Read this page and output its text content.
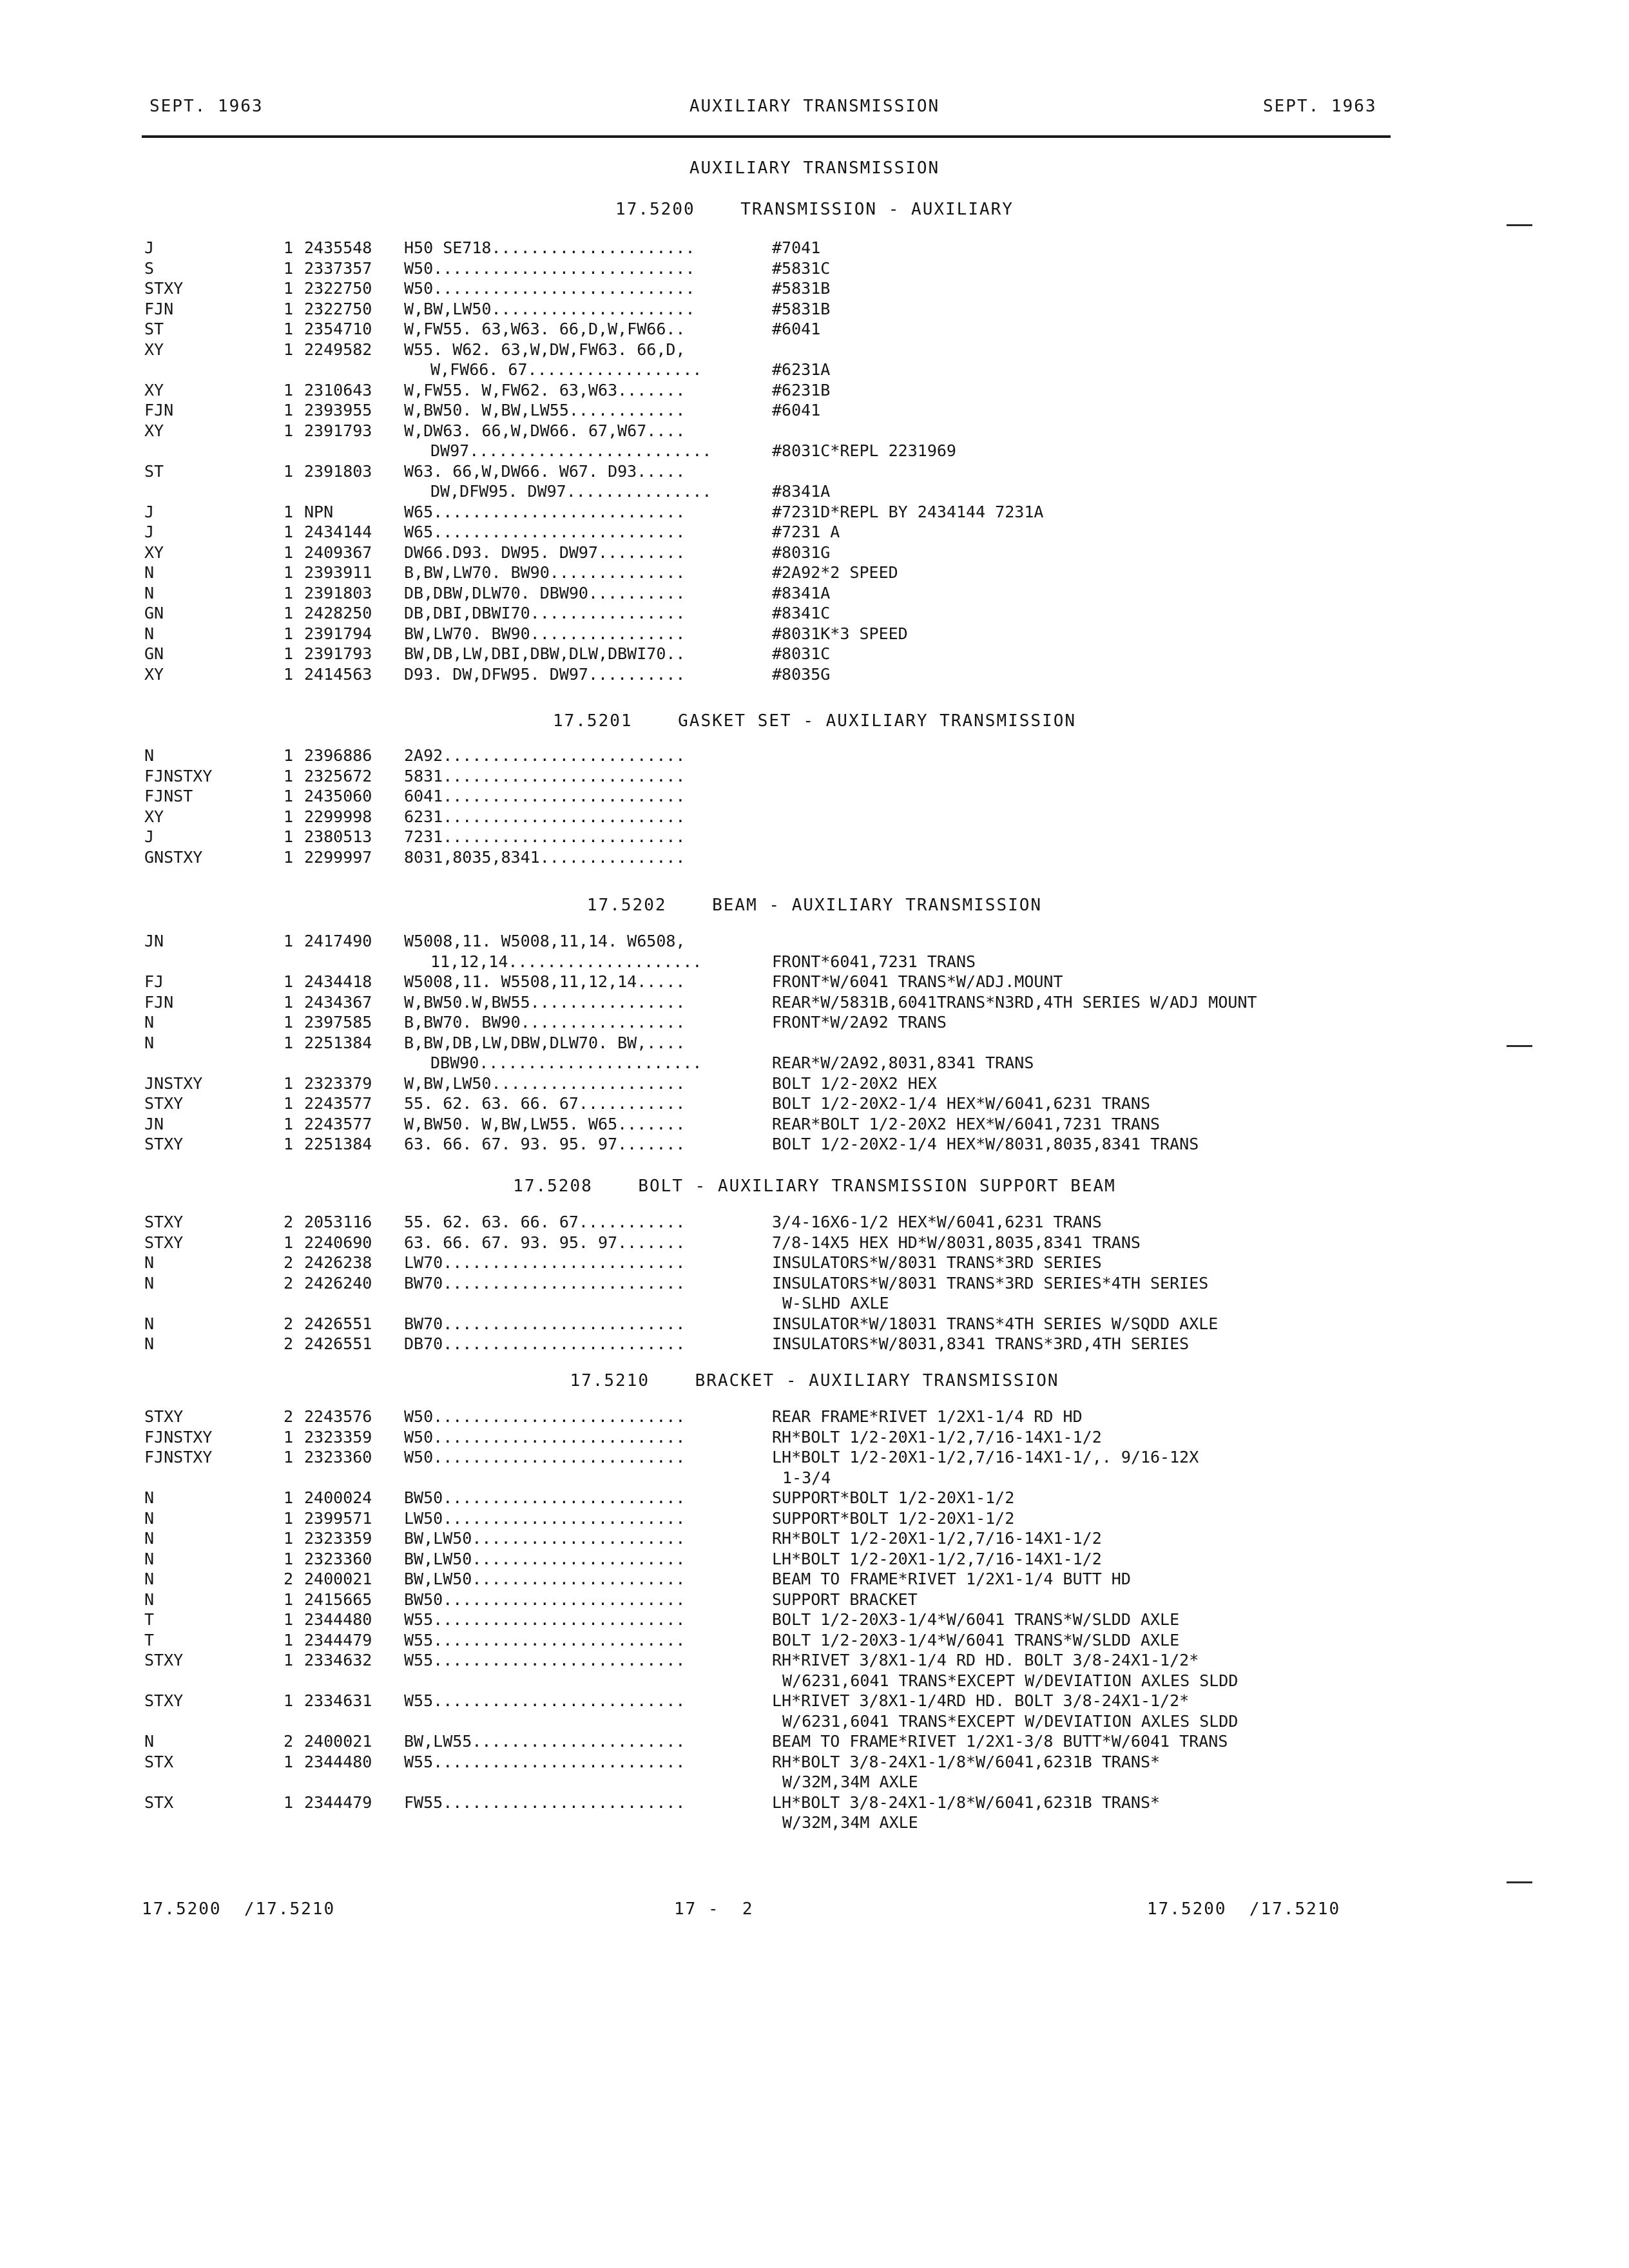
SEPT. 1963	AUXILIARY TRANSMISSION	SEPT. 1963
AUXILIARY TRANSMISSION
17.5200	TRANSMISSION - AUXILIARY
J	1 2435548	H50 SE718.....................	#7041
S	1 2337357	W50...........................	#5831C
STXY	1 2322750	W50...........................	#5831B
FJN	1 2322750	W,BW,LW50.....................	#5831B
ST	1 2354710	W,FW55. 63,W63. 66,D,W,FW66..	#6041
XY	1 2249582	W55. W62. 63,W,DW,FW63. 66,D,
W,FW66. 67..................	#6231A
XY	1 2310643	W,FW55. W,FW62. 63,W63.......	#6231B
FJN	1 2393955	W,BW50. W,BW,LW55............	#6041
XY	1 2391793	W,DW63. 66,W,DW66. 67,W67....
DW97.........................	#8031C*REPL 2231969
ST	1 2391803	W63. 66,W,DW66. W67. D93.....
DW,DFW95. DW97...............	#8341A
J	1 NPN	W65..........................	#7231D*REPL BY 2434144 7231A
J	1 2434144	W65..........................	#7231 A
XY	1 2409367	DW66.D93. DW95. DW97.........	#8031G
N	1 2393911	B,BW,LW70. BW90..............	#2A92*2 SPEED
N	1 2391803	DB,DBW,DLW70. DBW90..........	#8341A
GN	1 2428250	DB,DBI,DBWI70................	#8341C
N	1 2391794	BW,LW70. BW90................	#8031K*3 SPEED
GN	1 2391793	BW,DB,LW,DBI,DBW,DLW,DBWI70..	#8031C
XY	1 2414563	D93. DW,DFW95. DW97..........	#8035G
17.5201	GASKET SET - AUXILIARY TRANSMISSION
N	1 2396886	2A92.........................
FJNSTXY	1 2325672	5831.........................
FJNST	1 2435060	6041.........................
XY	1 2299998	6231.........................
J	1 2380513	7231.........................
GNSTXY	1 2299997	8031,8035,8341...............
17.5202	BEAM - AUXILIARY TRANSMISSION
JN	1 2417490	W5008,11. W5008,11,14. W6508,
11,12,14....................	FRONT*6041,7231 TRANS
FJ	1 2434418	W5008,11. W5508,11,12,14.....	FRONT*W/6041 TRANS*W/ADJ.MOUNT
FJN	1 2434367	W,BW50.W,BW55................	REAR*W/5831B,6041TRANS*N3RD,4TH SERIES W/ADJ MOUNT
N	1 2397585	B,BW70. BW90.................	FRONT*W/2A92 TRANS
N	1 2251384	B,BW,DB,LW,DBW,DLW70. BW,....
DBW90.......................	REAR*W/2A92,8031,8341 TRANS
JNSTXY	1 2323379	W,BW,LW50....................	BOLT 1/2-20X2 HEX
STXY	1 2243577	55. 62. 63. 66. 67...........	BOLT 1/2-20X2-1/4 HEX*W/6041,6231 TRANS
JN	1 2243577	W,BW50. W,BW,LW55. W65.......	REAR*BOLT 1/2-20X2 HEX*W/6041,7231 TRANS
STXY	1 2251384	63. 66. 67. 93. 95. 97.......	BOLT 1/2-20X2-1/4 HEX*W/8031,8035,8341 TRANS
17.5208	BOLT - AUXILIARY TRANSMISSION SUPPORT BEAM
STXY	2 2053116	55. 62. 63. 66. 67...........	3/4-16X6-1/2 HEX*W/6041,6231 TRANS
STXY	1 2240690	63. 66. 67. 93. 95. 97.......	7/8-14X5 HEX HD*W/8031,8035,8341 TRANS
N	2 2426238	LW70.........................	INSULATORS*W/8031 TRANS*3RD SERIES
N	2 2426240	BW70.........................	INSULATORS*W/8031 TRANS*3RD SERIES*4TH SERIES
W-SLHD AXLE
N	2 2426551	BW70.........................	INSULATOR*W/18031 TRANS*4TH SERIES W/SQDD AXLE
N	2 2426551	DB70.........................	INSULATORS*W/8031,8341 TRANS*3RD,4TH SERIES
17.5210	BRACKET - AUXILIARY TRANSMISSION
STXY	2 2243576	W50..........................	REAR FRAME*RIVET 1/2X1-1/4 RD HD
FJNSTXY	1 2323359	W50..........................	RH*BOLT 1/2-20X1-1/2,7/16-14X1-1/2
FJNSTXY	1 2323360	W50..........................	LH*BOLT 1/2-20X1-1/2,7/16-14X1-1/,. 9/16-12X
1-3/4
N	1 2400024	BW50.........................	SUPPORT*BOLT 1/2-20X1-1/2
N	1 2399571	LW50.........................	SUPPORT*BOLT 1/2-20X1-1/2
N	1 2323359	BW,LW50......................	RH*BOLT 1/2-20X1-1/2,7/16-14X1-1/2
N	1 2323360	BW,LW50......................	LH*BOLT 1/2-20X1-1/2,7/16-14X1-1/2
N	2 2400021	BW,LW50......................	BEAM TO FRAME*RIVET 1/2X1-1/4 BUTT HD
N	1 2415665	BW50.........................	SUPPORT BRACKET
T	1 2344480	W55..........................	BOLT 1/2-20X3-1/4*W/6041 TRANS*W/SLDD AXLE
T	1 2344479	W55..........................	BOLT 1/2-20X3-1/4*W/6041 TRANS*W/SLDD AXLE
STXY	1 2334632	W55..........................	RH*RIVET 3/8X1-1/4 RD HD. BOLT 3/8-24X1-1/2*
W/6231,6041 TRANS*EXCEPT W/DEVIATION AXLES SLDD
STXY	1 2334631	W55..........................	LH*RIVET 3/8X1-1/4RD HD. BOLT 3/8-24X1-1/2*
W/6231,6041 TRANS*EXCEPT W/DEVIATION AXLES SLDD
N	2 2400021	BW,LW55......................	BEAM TO FRAME*RIVET 1/2X1-3/8 BUTT*W/6041 TRANS
STX	1 2344480	W55..........................	RH*BOLT 3/8-24X1-1/8*W/6041,6231B TRANS*
W/32M,34M AXLE
STX	1 2344479	FW55.........................	LH*BOLT 3/8-24X1-1/8*W/6041,6231B TRANS*
W/32M,34M AXLE
17.5200  /17.5210	17 -  2	17.5200  /17.5210
